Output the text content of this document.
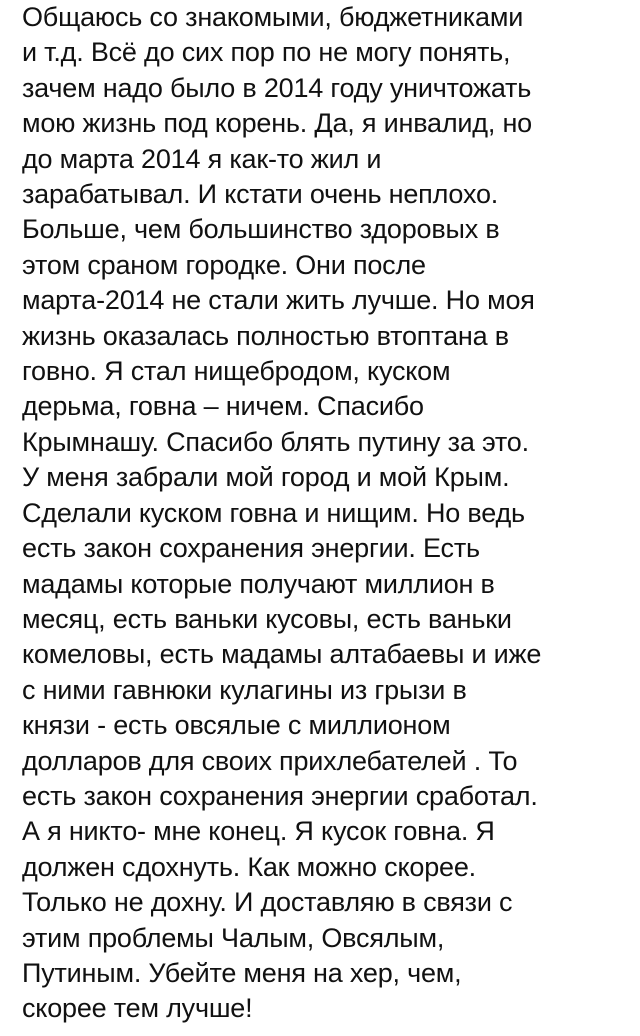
Общаюсь со знакомыми, бюджетниками
и т.д. Всё до сих пор по не могу понять,
зачем надо было в 2014 году уничтожать
мою жизнь под корень. Да, я инвалид, но
до марта 2014 я как-то жил и
зарабатывал. И кстати очень неплохо.
Больше, чем большинство здоровых в
этом сраном городке. Они после
марта-2014 не стали жить лучше. Но моя
жизнь оказалась полностью втоптана в
говно. Я стал нищебродом, куском
дерьма, говна – ничем. Спасибо
Крымнашу. Спасибо блять путину за это.
У меня забрали мой город и мой Крым.
Сделали куском говна и нищим. Но ведь
есть закон сохранения энергии. Есть
мадамы которые получают миллион в
месяц, есть ваньки кусовы, есть ваньки
комеловы, есть мадамы алтабаевы и иже
с ними гавнюки кулагины из грызи в
князи - есть овсялые с миллионом
долларов для своих прихлебателей . То
есть закон сохранения энергии сработал.
А я никто- мне конец. Я кусок говна. Я
должен сдохнуть. Как можно скорее.
Только не дохну. И доставляю в связи с
этим проблемы Чалым, Овсялым,
Путиным. Убейте меня на хер, чем,
скорее тем лучше!
